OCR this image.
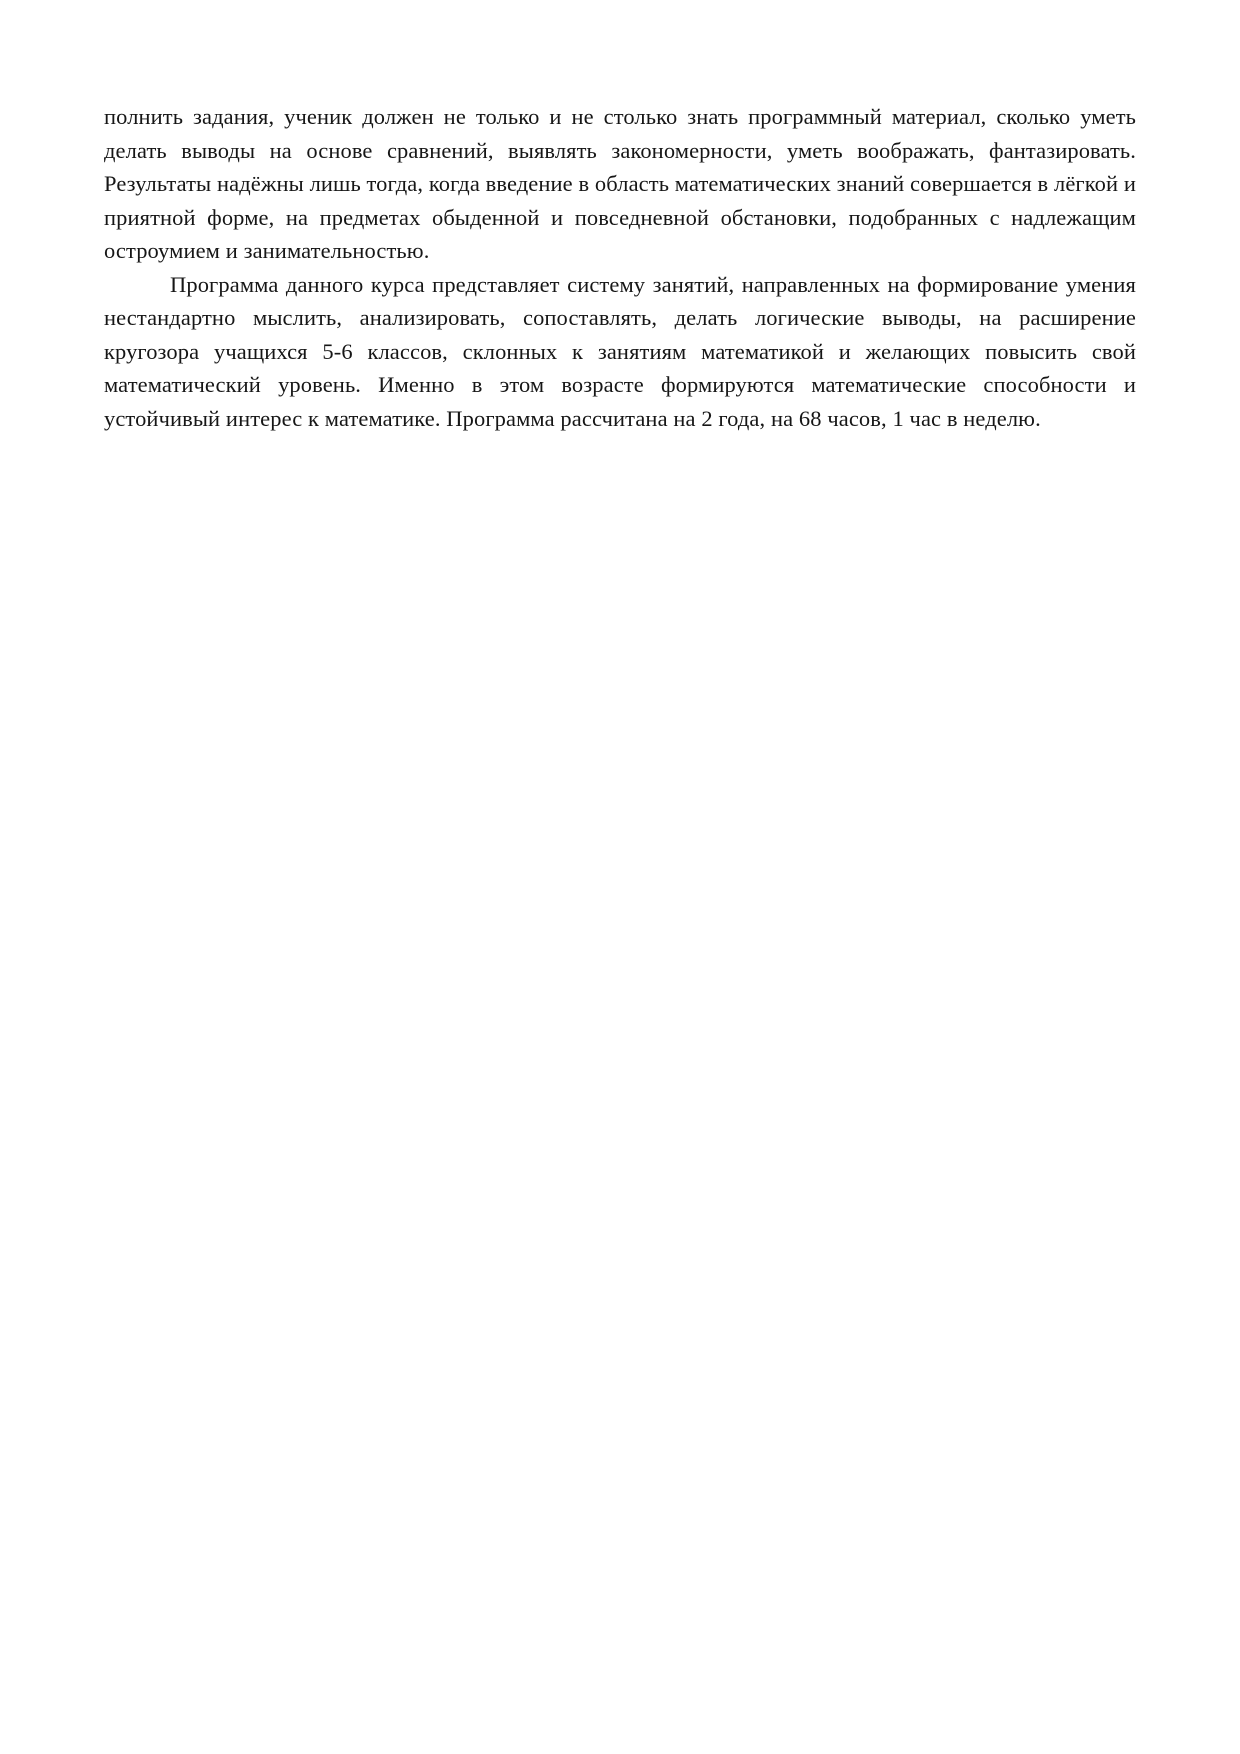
полнить задания, ученик должен не только и не столько знать программный материал, сколько уметь делать выводы на основе сравнений, выявлять закономерности, уметь воображать, фантазировать. Результаты надёжны лишь тогда, когда введение в область математических знаний совершается в лёгкой и приятной форме, на предметах обыденной и повседневной обстановки, подобранных с надлежащим остроумием и занимательностью.

Программа данного курса представляет систему занятий, направленных на формирование умения нестандартно мыслить, анализировать, сопоставлять, делать логические выводы, на расширение кругозора учащихся 5-6 классов, склонных к занятиям математикой и желающих повысить свой математический уровень. Именно в этом возрасте формируются математические способности и устойчивый интерес к математике. Программа рассчитана на 2 года, на 68 часов, 1 час в неделю.
